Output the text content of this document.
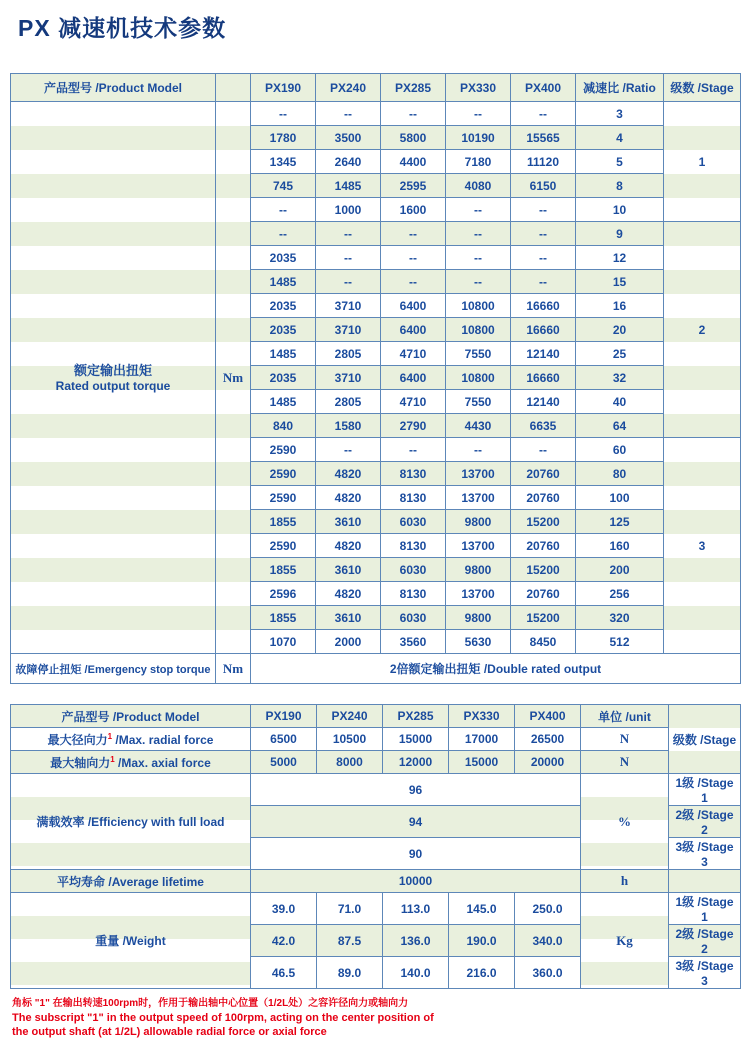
PX 减速机技术参数
产品型号 /Product Model		PX190	PX240	PX285	PX330	PX400	减速比 /Ratio	级数 /Stage

额定输出扭矩
Rated output torque	Nm	--	--	--	--	--	3	1
		1780	3500	5800	10190	15565	4	
		1345	2640	4400	7180	11120	5	
		745	1485	2595	4080	6150	8	
		--	1000	1600	--	--	10	
		--	--	--	--	--	9	2
		2035	--	--	--	--	12	
		1485	--	--	--	--	15	
		2035	3710	6400	10800	16660	16	
		2035	3710	6400	10800	16660	20	
		1485	2805	4710	7550	12140	25	
		2035	3710	6400	10800	16660	32	
		1485	2805	4710	7550	12140	40	
		840	1580	2790	4430	6635	64	
		2590	--	--	--	--	60	3
		2590	4820	8130	13700	20760	80	
		2590	4820	8130	13700	20760	100	
		1855	3610	6030	9800	15200	125	
		2590	4820	8130	13700	20760	160	
		1855	3610	6030	9800	15200	200	
		2596	4820	8130	13700	20760	256	
		1855	3610	6030	9800	15200	320	
		1070	2000	3560	5630	8450	512	
故障停止扭矩 /Emergency stop torque	Nm	2倍额定输出扭矩 /Double rated output						
产品型号 /Product Model	PX190	PX240	PX285	PX330	PX400	单位 /unit	级数 /Stage
最大径向力$^1$ /Max. radial force	6500	10500	15000	17000	26500	N	
最大轴向力$^1$ /Max. axial force	5000	8000	12000	15000	20000	N	
满载效率 /Efficiency with full load	96					%	1级 /Stage 1
	94						2级 /Stage 2
	90						3级 /Stage 3
平均寿命 /Average lifetime	10000					h	
重量 /Weight	39.0	71.0	113.0	145.0	250.0	Kg	1级 /Stage 1
	42.0	87.5	136.0	190.0	340.0		2级 /Stage 2
	46.5	89.0	140.0	216.0	360.0		3级 /Stage 3
角标 "1" 在输出转速100rpm时，作用于输出轴中心位置（1/2L处）之容许径向力或轴向力
The subscript "1" in the output speed of 100rpm, acting on the center position of
the output shaft (at 1/2L) allowable radial force or axial force
